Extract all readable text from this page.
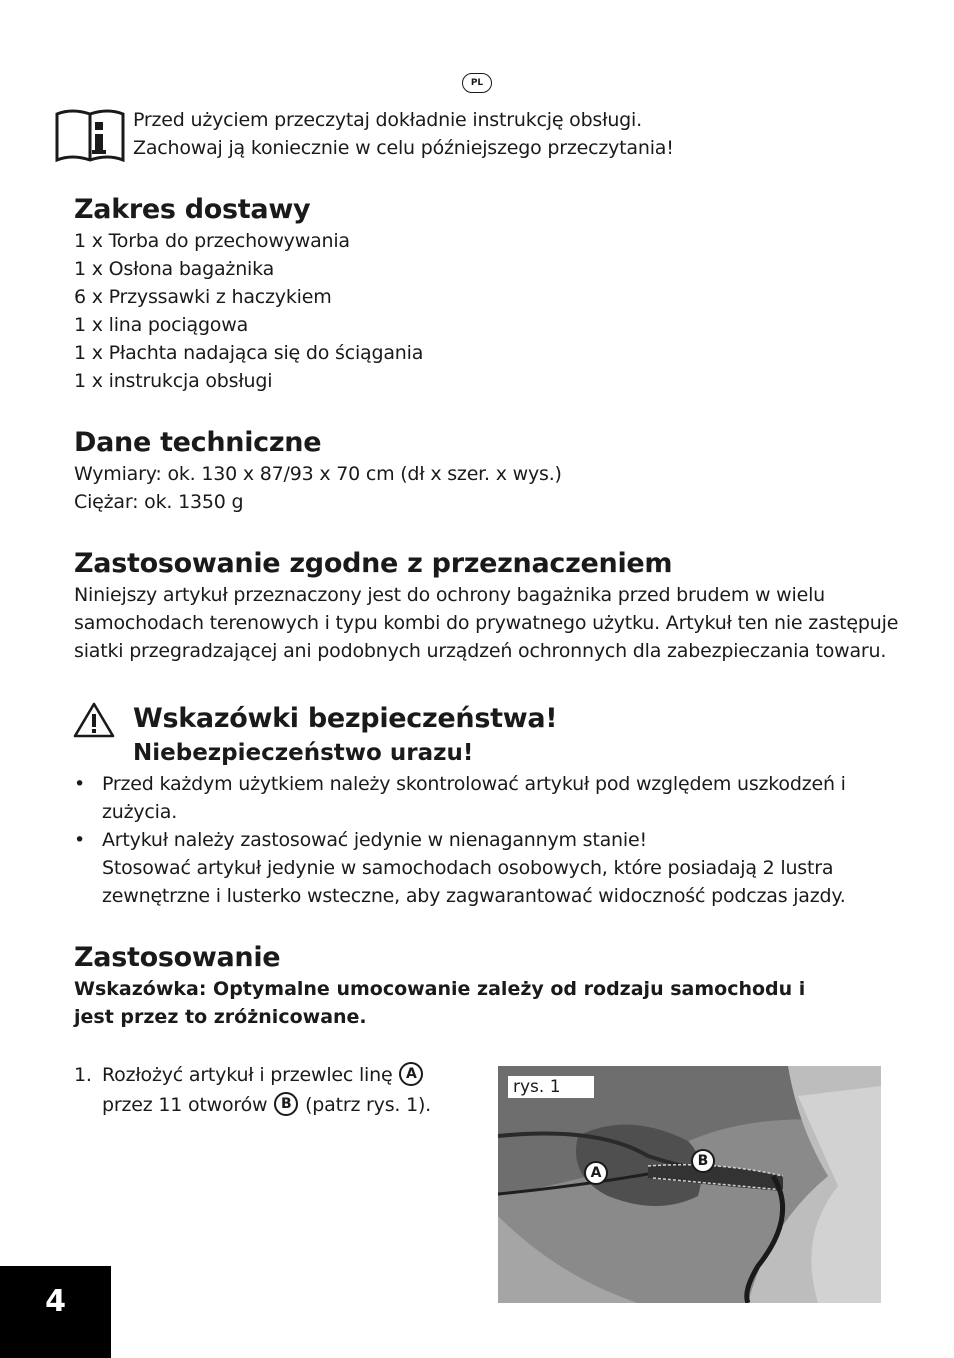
PL
Przed użyciem przeczytaj dokładnie instrukcję obsługi.
Zachowaj ją koniecznie w celu późniejszego przeczytania!
Zakres dostawy
1 x Torba do przechowywania
1 x Osłona bagażnika
6 x Przyssawki z haczykiem
1 x lina pociągowa
1 x Płachta nadająca się do ściągania
1 x instrukcja obsługi
Dane techniczne
Wymiary: ok. 130 x 87/93 x 70 cm (dł x szer. x wys.)
Ciężar: ok. 1350 g
Zastosowanie zgodne z przeznaczeniem
Niniejszy artykuł przeznaczony jest do ochrony bagażnika przed brudem w wielu
samochodach terenowych i typu kombi do prywatnego użytku. Artykuł ten nie zastępuje
siatki przegradzającej ani podobnych urządzeń ochronnych dla zabezpieczania towaru.
Wskazówki bezpieczeństwa!
Niebezpieczeństwo urazu!
• Przed każdym użytkiem należy skontrolować artykuł pod względem uszkodzeń i
zużycia.
• Artykuł należy zastosować jedynie w nienagannym stanie!
Stosować artykuł jedynie w samochodach osobowych, które posiadają 2 lustra
zewnętrzne i lusterko wsteczne, aby zagwarantować widoczność podczas jazdy.
Zastosowanie
Wskazówka: Optymalne umocowanie zależy od rodzaju samochodu i
jest przez to zróżnicowane.
1. Rozłożyć artykuł i przewlec linę A
przez 11 otworów B (patrz rys. 1).
rys. 1
A
B
4
